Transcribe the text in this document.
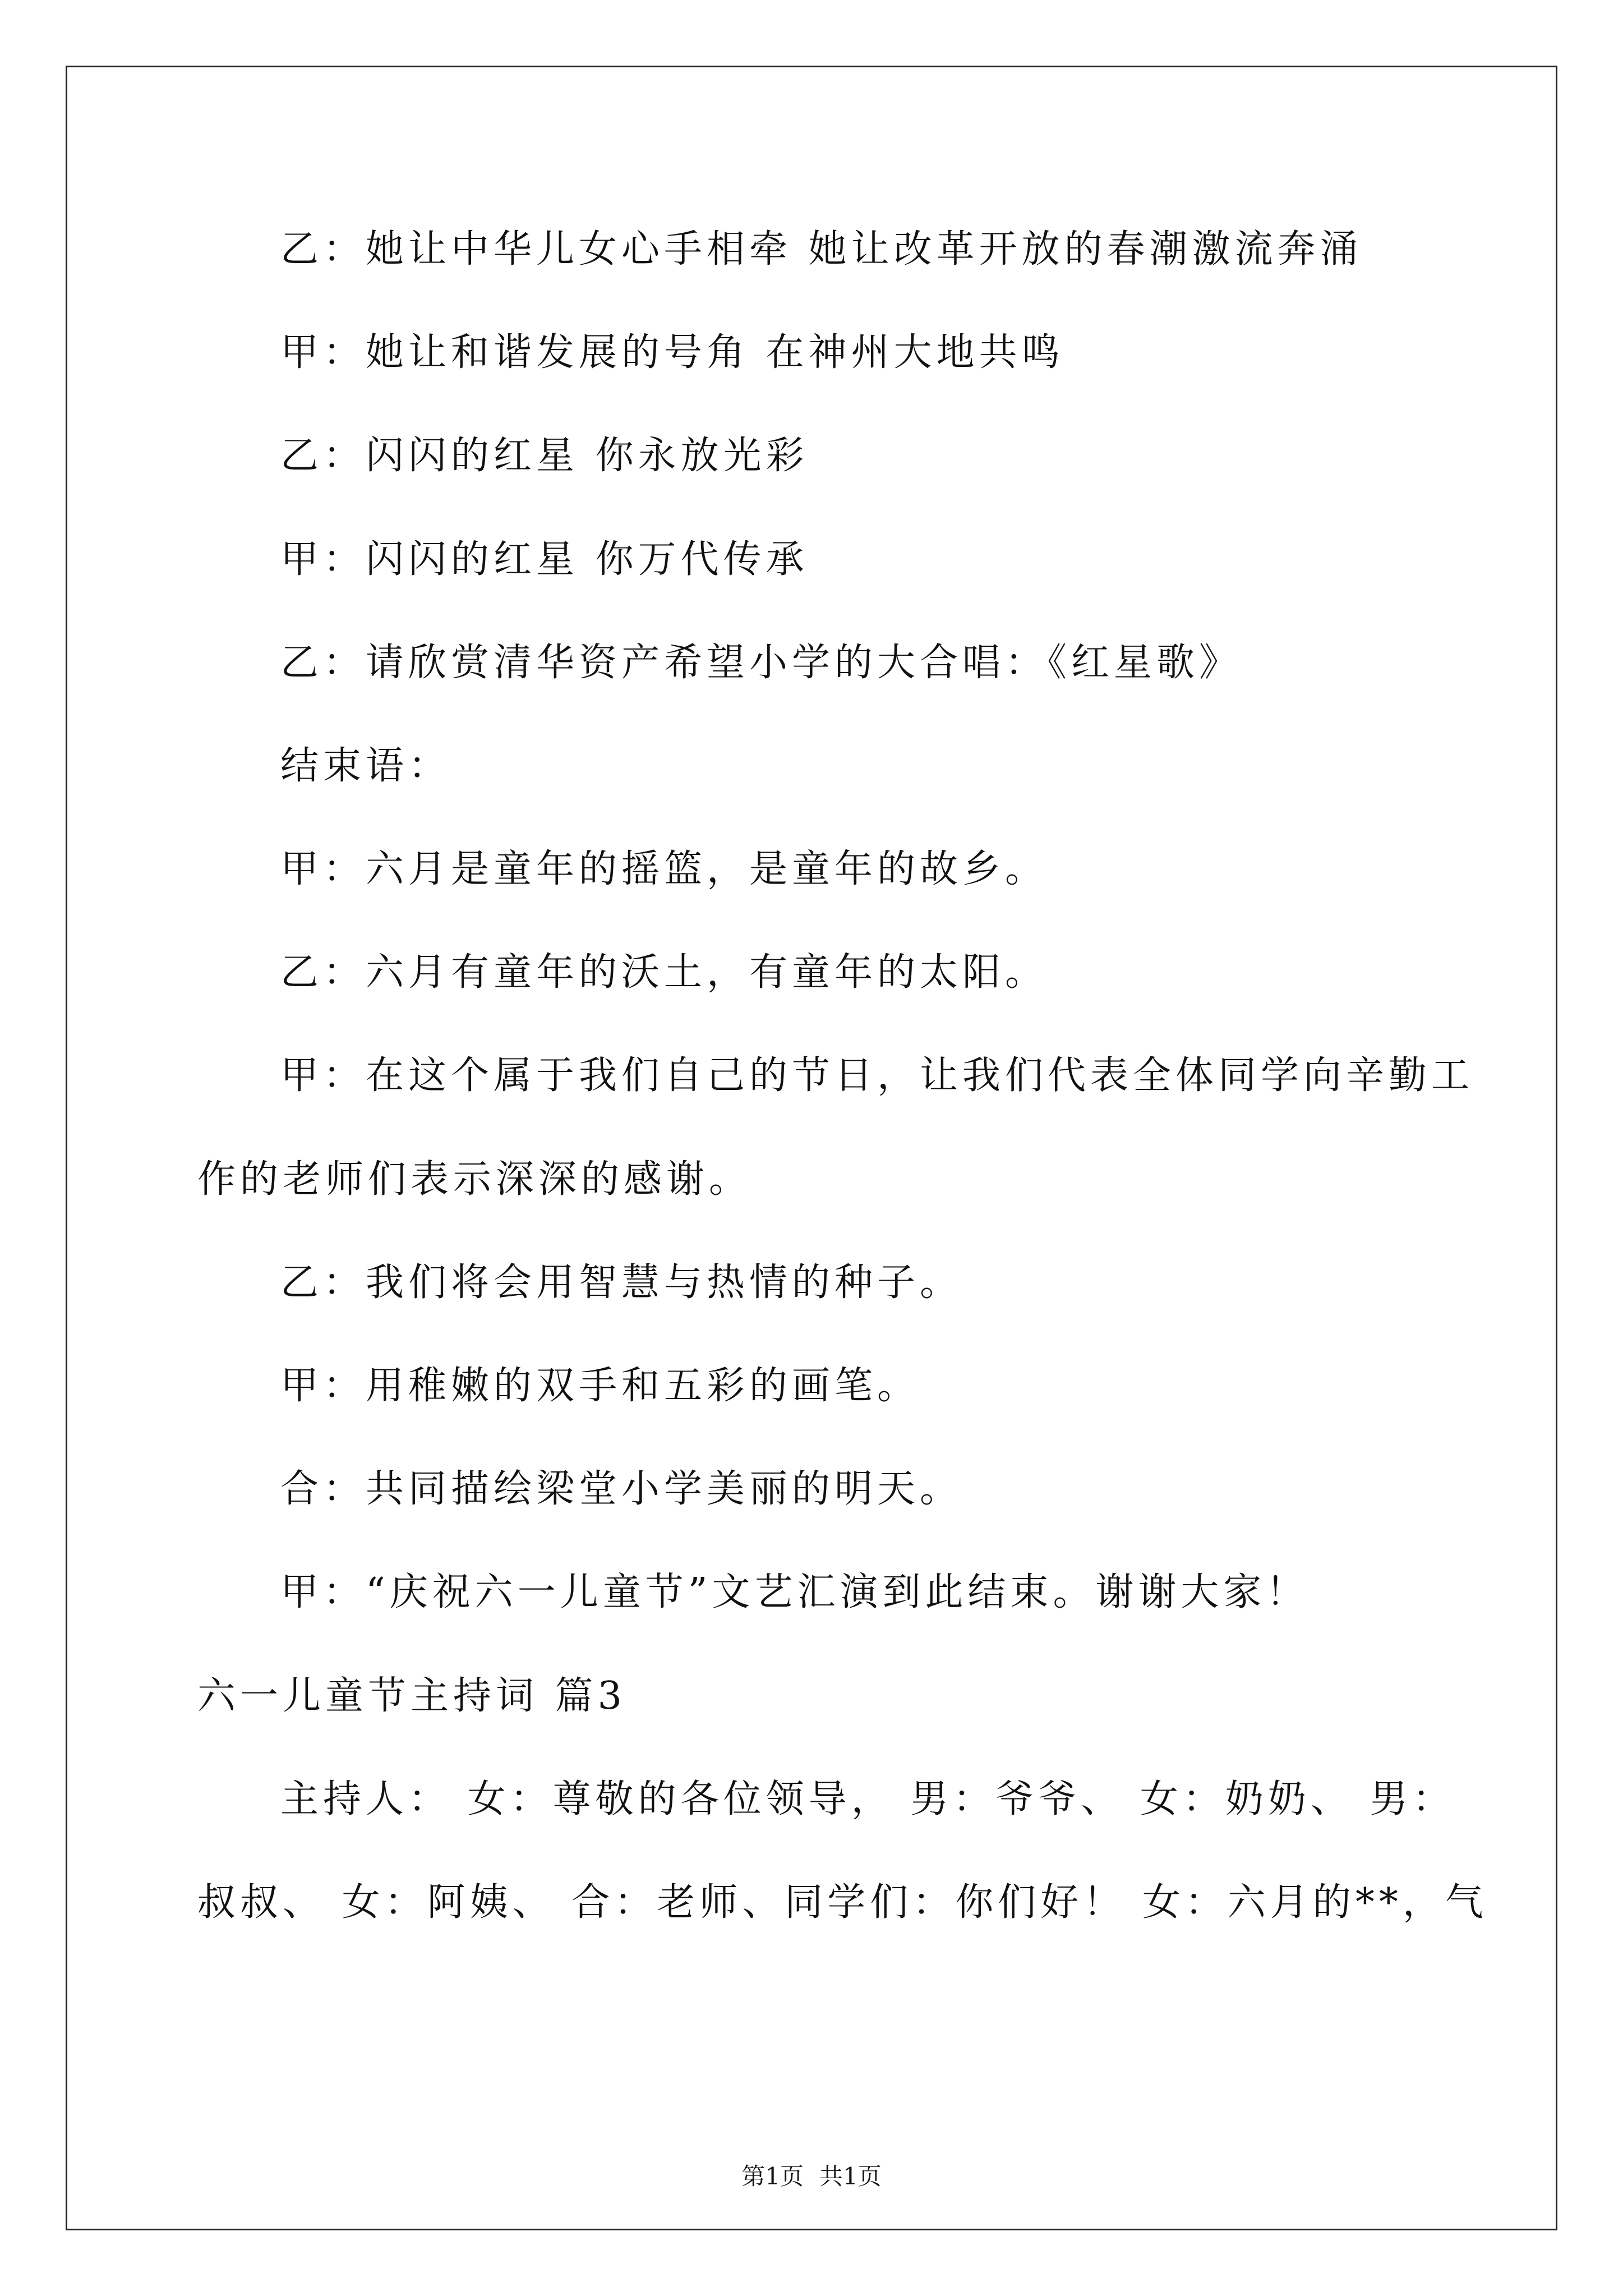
乙：她让中华儿女心手相牵 她让改革开放的春潮激流奔涌
甲：她让和谐发展的号角 在神州大地共鸣
乙：闪闪的红星 你永放光彩
甲：闪闪的红星 你万代传承
乙：请欣赏清华资产希望小学的大合唱：《红星歌》
结束语：
甲：六月是童年的摇篮，是童年的故乡。
乙：六月有童年的沃土，有童年的太阳。
甲：在这个属于我们自己的节日，让我们代表全体同学向辛勤工
作的老师们表示深深的感谢。
乙：我们将会用智慧与热情的种子。
甲：用稚嫩的双手和五彩的画笔。
合：共同描绘梁堂小学美丽的明天。
甲：“庆祝六一儿童节”文艺汇演到此结束。谢谢大家！
六一儿童节主持词 篇3
主持人： 女：尊敬的各位领导， 男：爷爷、 女：奶奶、 男：
叔叔、 女：阿姨、 合：老师、同学们：你们好！ 女：六月的**，气
第1页 共1页
